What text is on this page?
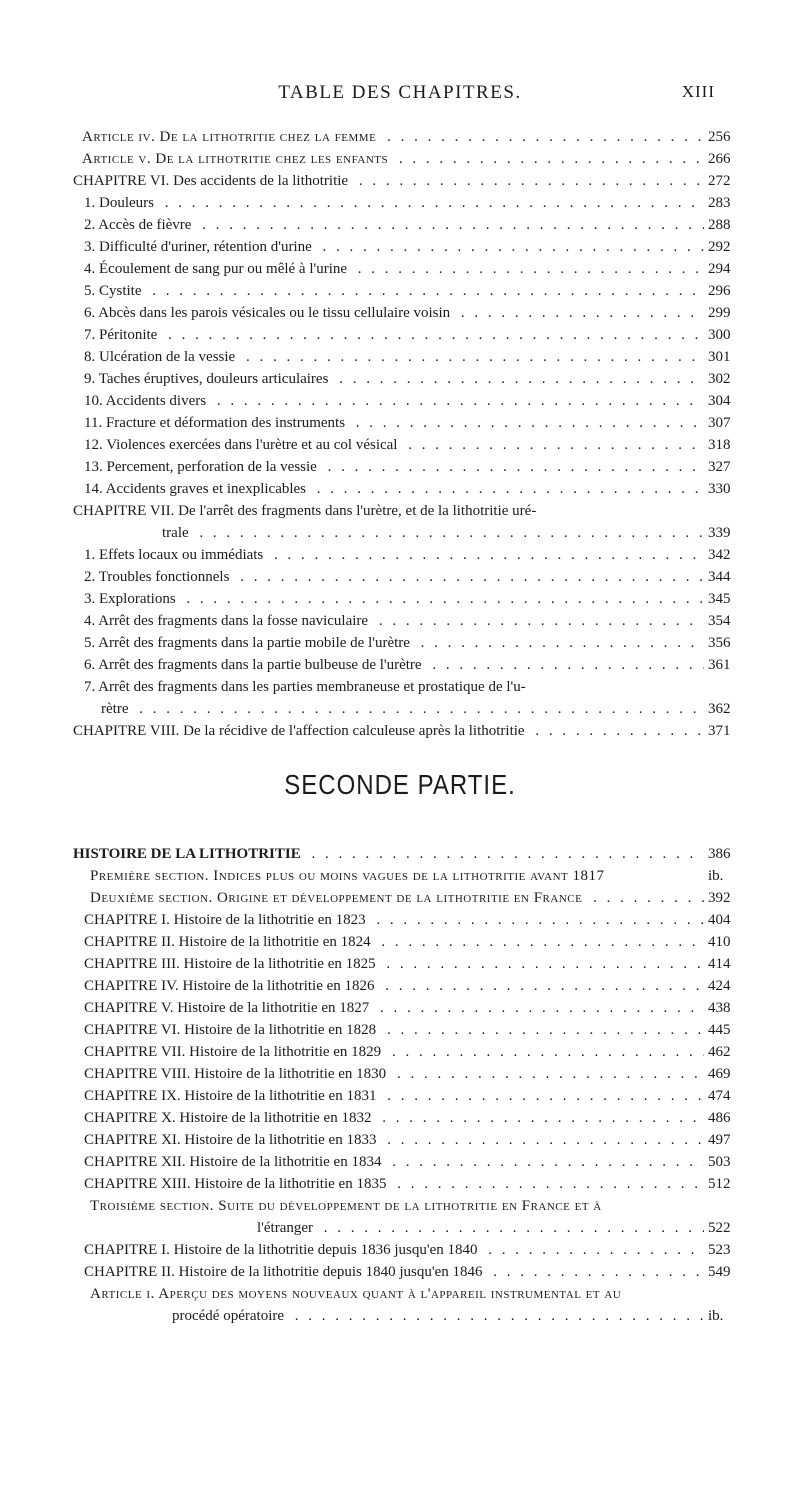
TABLE DES CHAPITRES.	XIII
Article iv. De la lithotritie chez la femme . . .	256
Article v. De la lithotritie chez les enfants . . .	266
CHAPITRE VI. Des accidents de la lithotritie . . .	272
1. Douleurs . . .	283
2. Accès de fièvre . . .	288
3. Difficulté d'uriner, rétention d'urine . . .	292
4. Écoulement de sang pur ou mêlé à l'urine . . .	294
5. Cystite . . .	296
6. Abcès dans les parois vésicales ou le tissu cellulaire voisin . . .	299
7. Péritonite . . .	300
8. Ulcération de la vessie . . .	301
9. Taches éruptives, douleurs articulaires . . .	302
10. Accidents divers . . .	304
11. Fracture et déformation des instruments . . .	307
12. Violences exercées dans l'urètre et au col vésical . . .	318
13. Percement, perforation de la vessie . . .	327
14. Accidents graves et inexplicables . . .	330
CHAPITRE VII. De l'arrêt des fragments dans l'urètre, et de la lithotritie uré-
trale . . .	339
1. Effets locaux ou immédiats . . .	342
2. Troubles fonctionnels . . .	344
3. Explorations . . .	345
4. Arrêt des fragments dans la fosse naviculaire . . .	354
5. Arrêt des fragments dans la partie mobile de l'urètre . . .	356
6. Arrêt des fragments dans la partie bulbeuse de l'urètre . . .	361
7. Arrêt des fragments dans les parties membraneuse et prostatique de l'u-
rètre . . .	362
CHAPITRE VIII. De la récidive de l'affection calculeuse après la lithotritie . . .	371
SECONDE PARTIE.
HISTOIRE DE LA LITHOTRITIE . . .	386
Première section. Indices plus ou moins vagues de la lithotritie avant 1817	ib.
Deuxième section. Origine et développement de la lithotritie en France . . .	392
CHAPITRE I. Histoire de la lithotritie en 1823 . . .	404
CHAPITRE II. Histoire de la lithotritie en 1824 . . .	410
CHAPITRE III. Histoire de la lithotritie en 1825 . . .	414
CHAPITRE IV. Histoire de la lithotritie en 1826 . . .	424
CHAPITRE V. Histoire de la lithotritie en 1827 . . .	438
CHAPITRE VI. Histoire de la lithotritie en 1828 . . .	445
CHAPITRE VII. Histoire de la lithotritie en 1829 . . .	462
CHAPITRE VIII. Histoire de la lithotritie en 1830 . . .	469
CHAPITRE IX. Histoire de la lithotritie en 1831 . . .	474
CHAPITRE X. Histoire de la lithotritie en 1832 . . .	486
CHAPITRE XI. Histoire de la lithotritie en 1833 . . .	497
CHAPITRE XII. Histoire de la lithotritie en 1834 . . .	503
CHAPITRE XIII. Histoire de la lithotritie en 1835 . . .	512
Troisième section. Suite du développement de la lithotritie en France et à
l'étranger . . .	522
CHAPITRE I. Histoire de la lithotritie depuis 1836 jusqu'en 1840 . . .	523
CHAPITRE II. Histoire de la lithotritie depuis 1840 jusqu'en 1846 . . .	549
Article i. Aperçu des moyens nouveaux quant à l'appareil instrumental et au
procédé opératoire . . .	ib.
